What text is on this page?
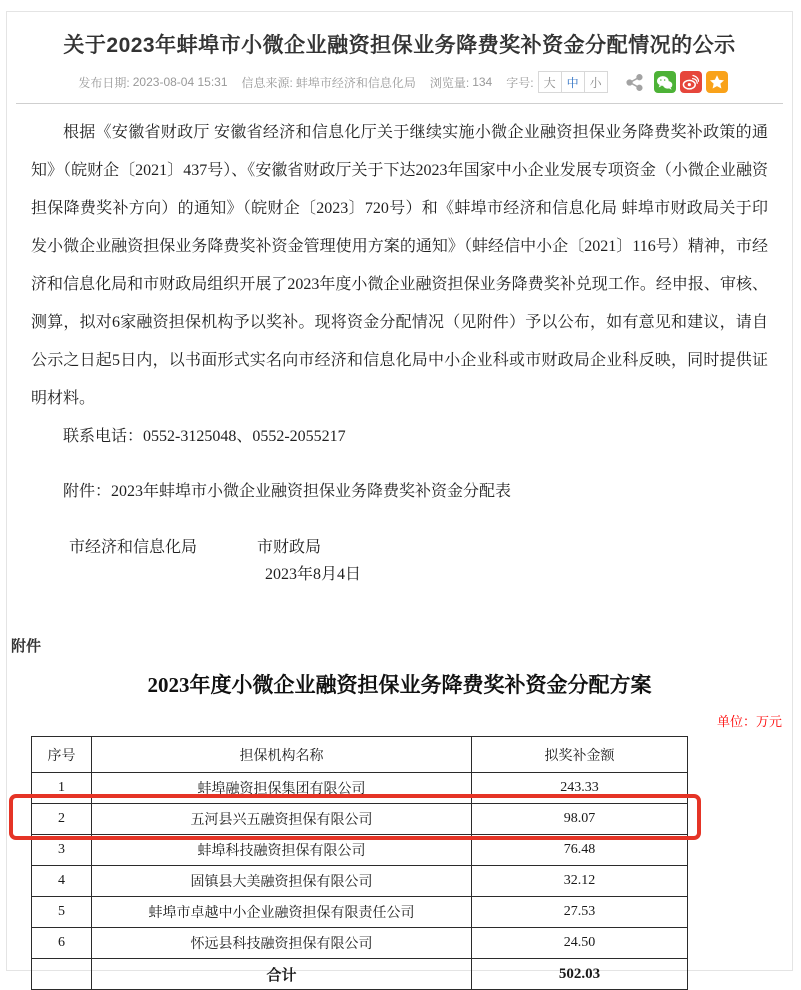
关于2023年蚌埠市小微企业融资担保业务降费奖补资金分配情况的公示
发布日期: 2023-08-04 15:31 信息来源: 蚌埠市经济和信息化局 浏览量: 134 字号: 大 中 小

根据《安徽省财政厅 安徽省经济和信息化厅关于继续实施小微企业融资担保业务降费奖补政策的通知》（皖财企〔2021〕437号）、《安徽省财政厅关于下达2023年国家中小企业发展专项资金（小微企业融资担保降费奖补方向）的通知》（皖财企〔2023〕720号）和《蚌埠市经济和信息化局 蚌埠市财政局关于印发小微企业融资担保业务降费奖补资金管理使用方案的通知》（蚌经信中小企〔2021〕116号）精神，市经济和信息化局和市财政局组织开展了2023年度小微企业融资担保业务降费奖补兑现工作。经申报、审核、测算，拟对6家融资担保机构予以奖补。现将资金分配情况（见附件）予以公布，如有意见和建议，请自公示之日起5日内，以书面形式实名向市经济和信息化局中小企业科或市财政局企业科反映，同时提供证明材料。

联系电话：0552-3125048、0552-2055217

附件：2023年蚌埠市小微企业融资担保业务降费奖补资金分配表

市经济和信息化局	市财政局
2023年8月4日
附件
2023年度小微企业融资担保业务降费奖补资金分配方案
单位：万元
序号	担保机构名称	拟奖补金额
1	蚌埠融资担保集团有限公司	243.33
2	五河县兴五融资担保有限公司	98.07
3	蚌埠科技融资担保有限公司	76.48
4	固镇县大美融资担保有限公司	32.12
5	蚌埠市卓越中小企业融资担保有限责任公司	27.53
6	怀远县科技融资担保有限公司	24.50
	合计	502.03
